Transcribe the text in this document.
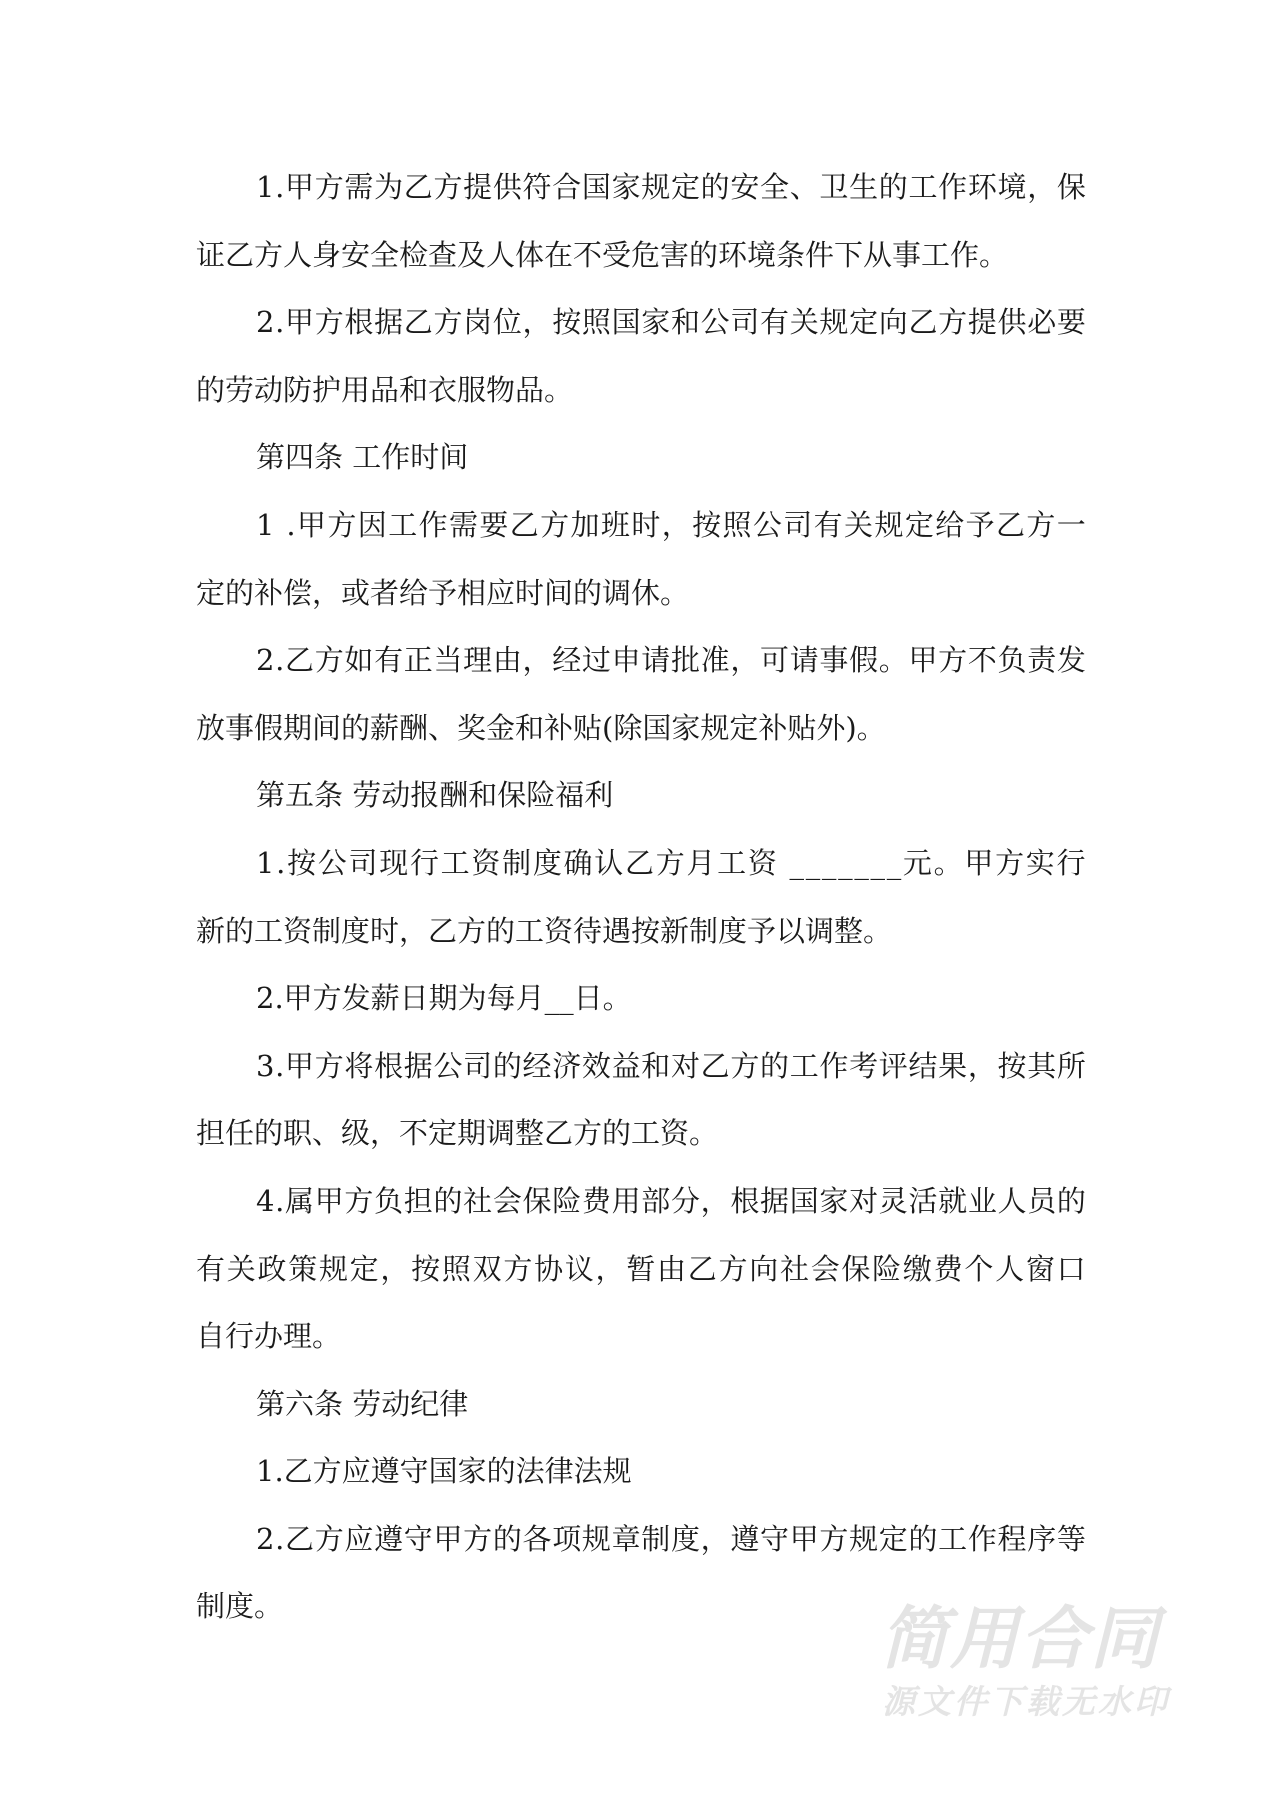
1 . 甲 方 需 为 乙 方 提 供 符 合 国 家 规 定 的 安 全 、 卫 生 的 工 作 环 境 ， 保
证乙方人身安全检查及人体在不受危害的环境条件下从事工作。
2 . 甲 方 根 据 乙 方 岗 位 ， 按 照 国 家 和 公 司 有 关 规 定 向 乙 方 提 供 必 要
的劳动防护用品和衣服物品。
第四条 工作时间
1
. 甲 方 因 工 作 需 要 乙 方 加 班 时 ， 按 照 公 司 有 关 规 定 给 予 乙 方 一
定的补偿，或者给予相应时间的调休。
2 . 乙 方 如 有 正 当 理 由 ， 经 过 申 请 批 准 ， 可 请 事 假 。 甲 方 不 负 责 发
放事假期间的薪酬、奖金和补贴(除国家规定补贴外)。
第五条 劳动报酬和保险福利
1 . 按 公 司 现 行 工 资 制 度 确 认 乙 方 月 工 资
_ _ _ _ _ _ _ 元 。 甲 方 实 行
新的工资制度时，乙方的工资待遇按新制度予以调整。
2.甲方发薪日期为每月__日。
3 . 甲 方 将 根 据 公 司 的 经 济 效 益 和 对 乙 方 的 工 作 考 评 结 果 ， 按 其 所
担任的职、级，不定期调整乙方的工资。
4 . 属 甲 方 负 担 的 社 会 保 险 费 用 部 分 ， 根 据 国 家 对 灵 活 就 业 人 员 的
有 关 政 策 规 定 ， 按 照 双 方 协 议 ， 暂 由 乙 方 向 社 会 保 险 缴 费 个 人 窗 口
自行办理。
第六条 劳动纪律
1.乙方应遵守国家的法律法规
2 . 乙 方 应 遵 守 甲 方 的 各 项 规 章 制 度 ， 遵 守 甲 方 规 定 的 工 作 程 序 等
制度。	简用合同
源文件下载无水印
